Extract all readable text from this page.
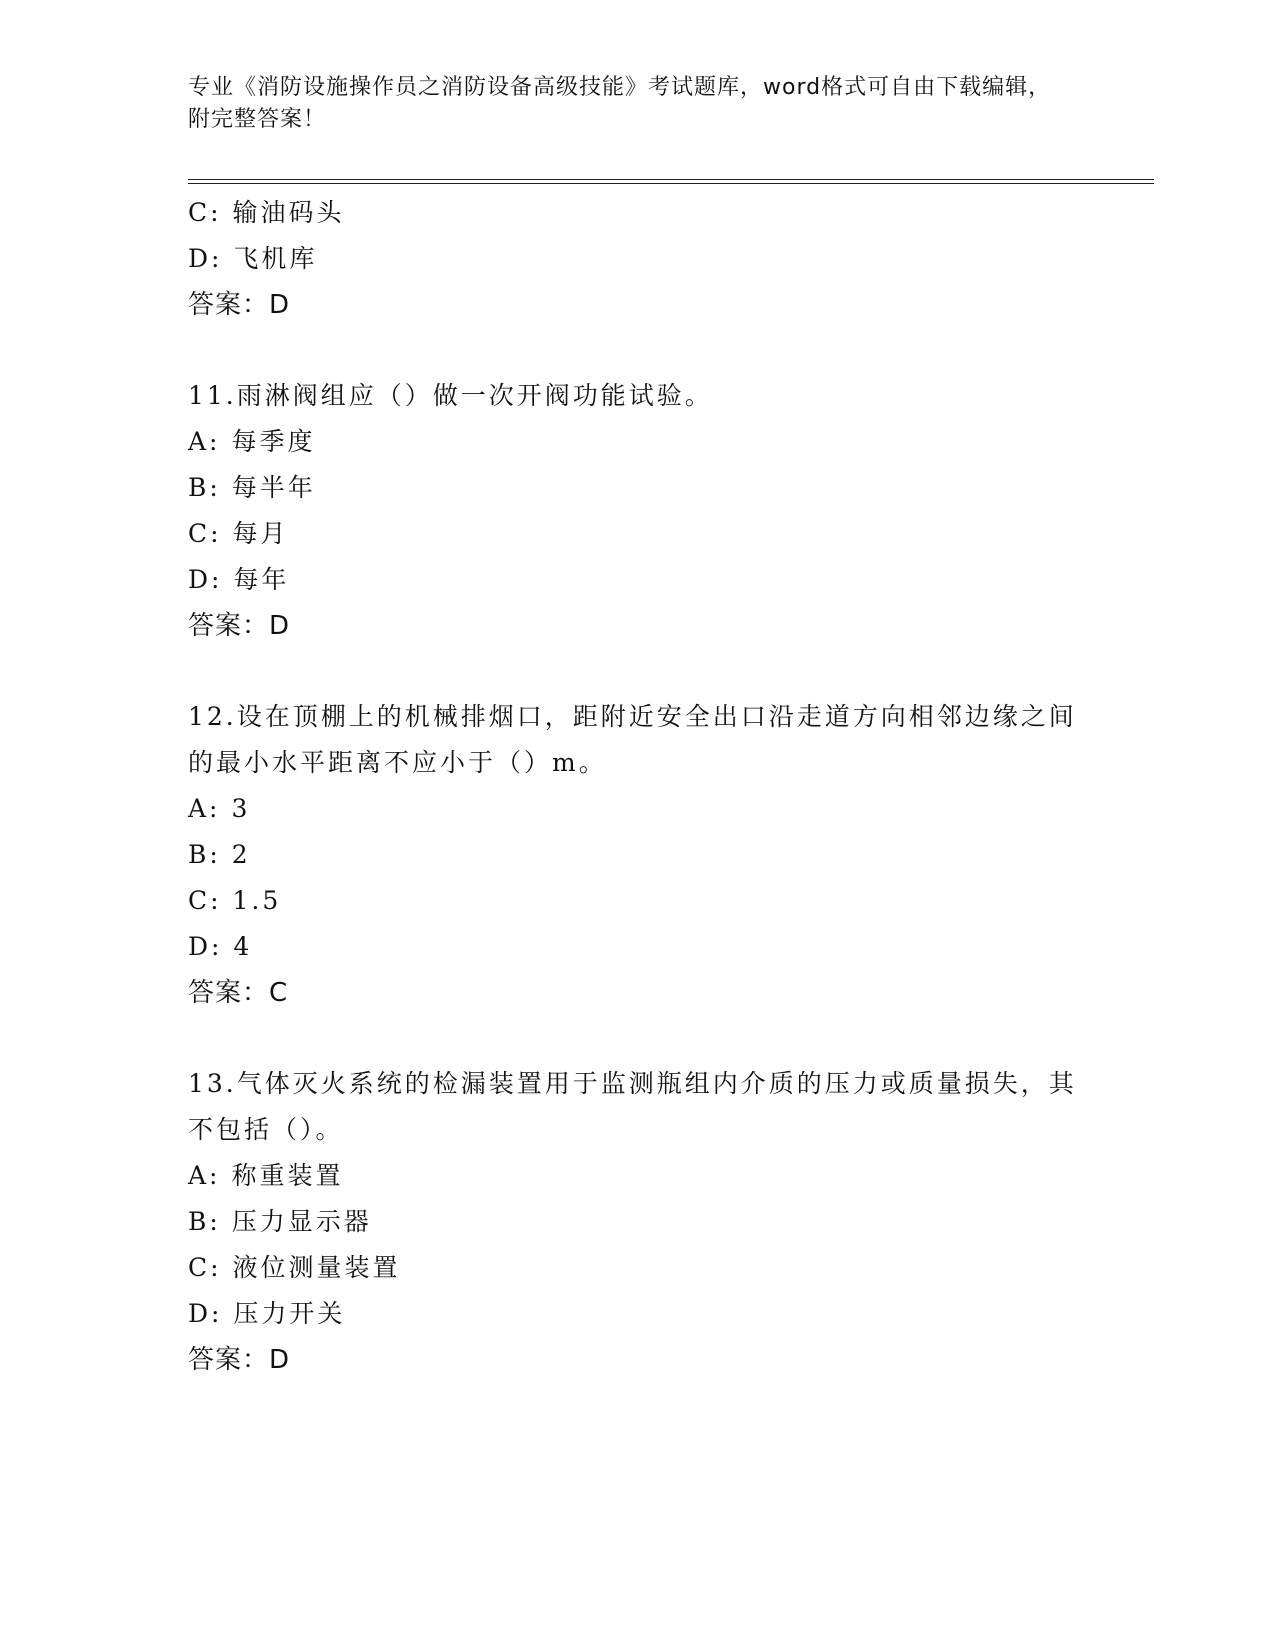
专业《消防设施操作员之消防设备高级技能》考试题库，word格式可自由下载编辑，附完整答案！
C: 输油码头
D: 飞机库
答案：D
11.雨淋阀组应（）做一次开阀功能试验。
A: 每季度
B: 每半年
C: 每月
D: 每年
答案：D
12.设在顶棚上的机械排烟口，距附近安全出口沿走道方向相邻边缘之间的最小水平距离不应小于（）m。
A: 3
B: 2
C: 1.5
D: 4
答案：C
13.气体灭火系统的检漏装置用于监测瓶组内介质的压力或质量损失，其不包括（）。
A: 称重装置
B: 压力显示器
C: 液位测量装置
D: 压力开关
答案：D
